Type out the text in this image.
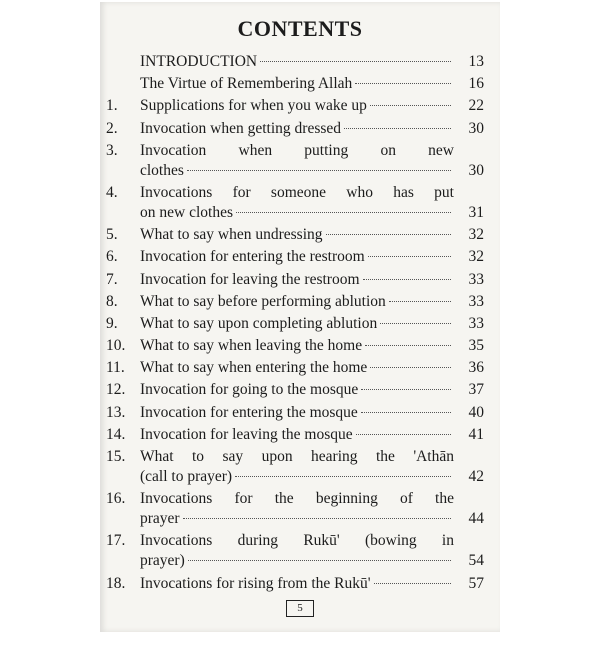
CONTENTS
INTRODUCTION	13
The Virtue of Remembering Allah	16
1.	Supplications for when you wake up	22
2.	Invocation when getting dressed	30
3.	Invocation when putting on new
clothes	30
4.	Invocations for someone who has put
on new clothes	31
5.	What to say when undressing	32
6.	Invocation for entering the restroom	32
7.	Invocation for leaving the restroom	33
8.	What to say before performing ablution	33
9.	What to say upon completing ablution	33
10. What to say when leaving the home	35
11. What to say when entering the home	36
12. Invocation for going to the mosque	37
13. Invocation for entering the mosque	40
14. Invocation for leaving the mosque	41
15. What to say upon hearing the 'Athān
(call to prayer)	42
16. Invocations for the beginning of the
prayer	44
17. Invocations during Rukū' (bowing in
prayer)	54
18. Invocations for rising from the Rukū'	57
5
